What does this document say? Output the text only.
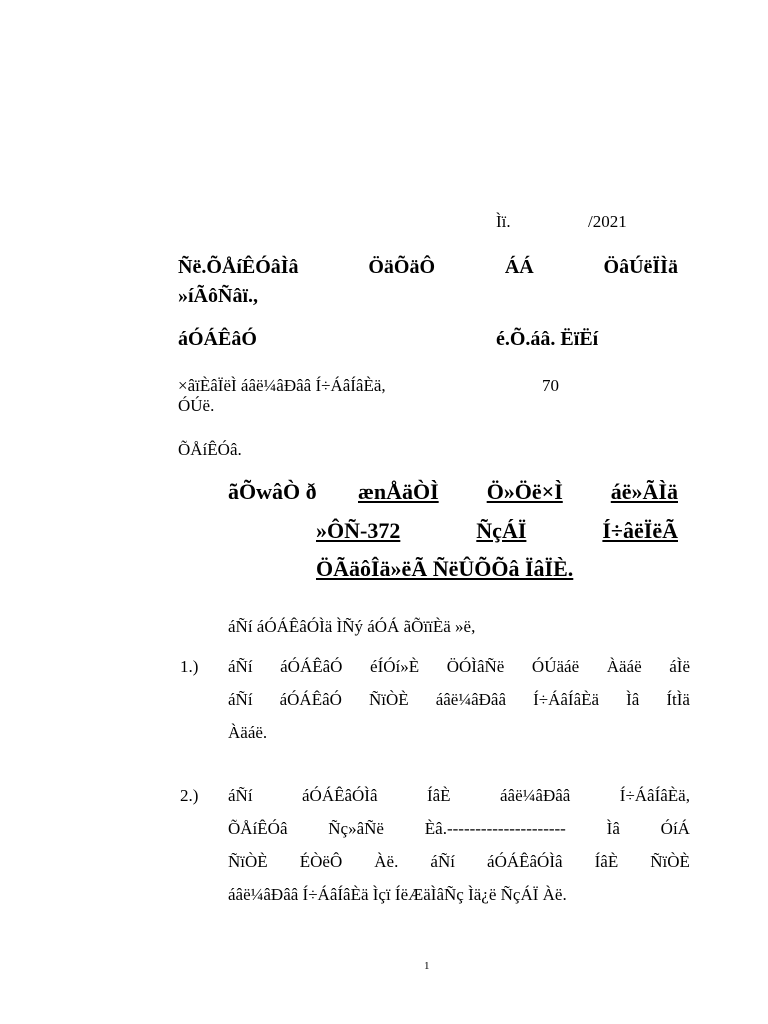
Ìï.	/2021
Ñë.ÕÅíÊÓâÌâ	ÖäÕäÔ	ÁÁ	ÖâÚëÏÌä
»íÃôÑâï.,
áÓÁÊâÓ	é.Õ.áâ. ËïËí
×âïÈâÏëÌ áâë¼âÐââ Í÷ÁâÍâÈä,	70
ÓÚë.
ÕÅíÊÓâ.
ãÕwâÒ ð ænÅäÒÌ Ö»Öë×Ì áë»ÃÌä
»ÔÑ-372	ÑçÁÏ	Í÷âëÏëÃ
ÖÃäôÎä»ëÃ ÑëÛÕÕâ ÏâÏÈ.
áÑí áÓÁÊâÓÌä ÌÑý áÓÁ ãÕïïÈä »ë,
1.) áÑí áÓÁÊâÓ éÍÓí»È ÖÓÌâÑë ÓÚäáë Àäáë áÌë
áÑí áÓÁÊâÓ ÑïÒÈ áâë¼âÐââ Í÷ÁâÍâÈä Ìâ ÍtÌä
Àäáë.
2.) áÑí	áÓÁÊâÓÌâ	ÍâÈ	áâë¼âÐââ	Í÷ÁâÍâÈä,
ÕÅíÊÓâ Ñç»âÑë Èâ.--------------------- Ìâ ÓíÁ
ÑïÒÈ ÉÒëÔ Àë. áÑí áÓÁÊâÓÌâ ÍâÈ ÑïÒÈ
áâë¼âÐââ Í÷ÁâÍâÈä Ìçï ÍëÆäÌâÑç Ìä¿ë ÑçÁÏ Àë.
1
